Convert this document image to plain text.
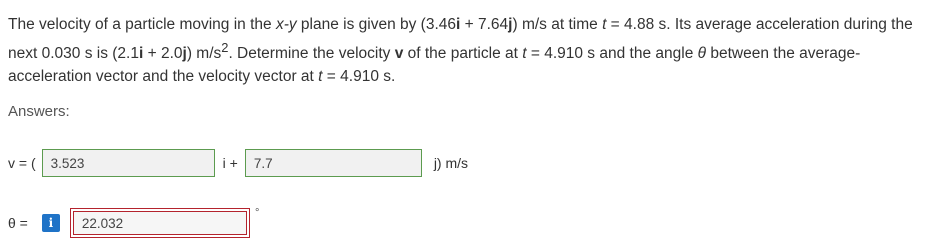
The velocity of a particle moving in the x-y plane is given by (3.46i + 7.64j) m/s at time t = 4.88 s. Its average acceleration during the next 0.030 s is (2.1i + 2.0j) $m/s^2$. Determine the velocity v of the particle at t = 4.910 s and the angle θ between the average-acceleration vector and the velocity vector at t = 4.910 s.
Answers:
v = ( 3.523	i + 7.7	j) m/s
θ =	i	22.032
°
